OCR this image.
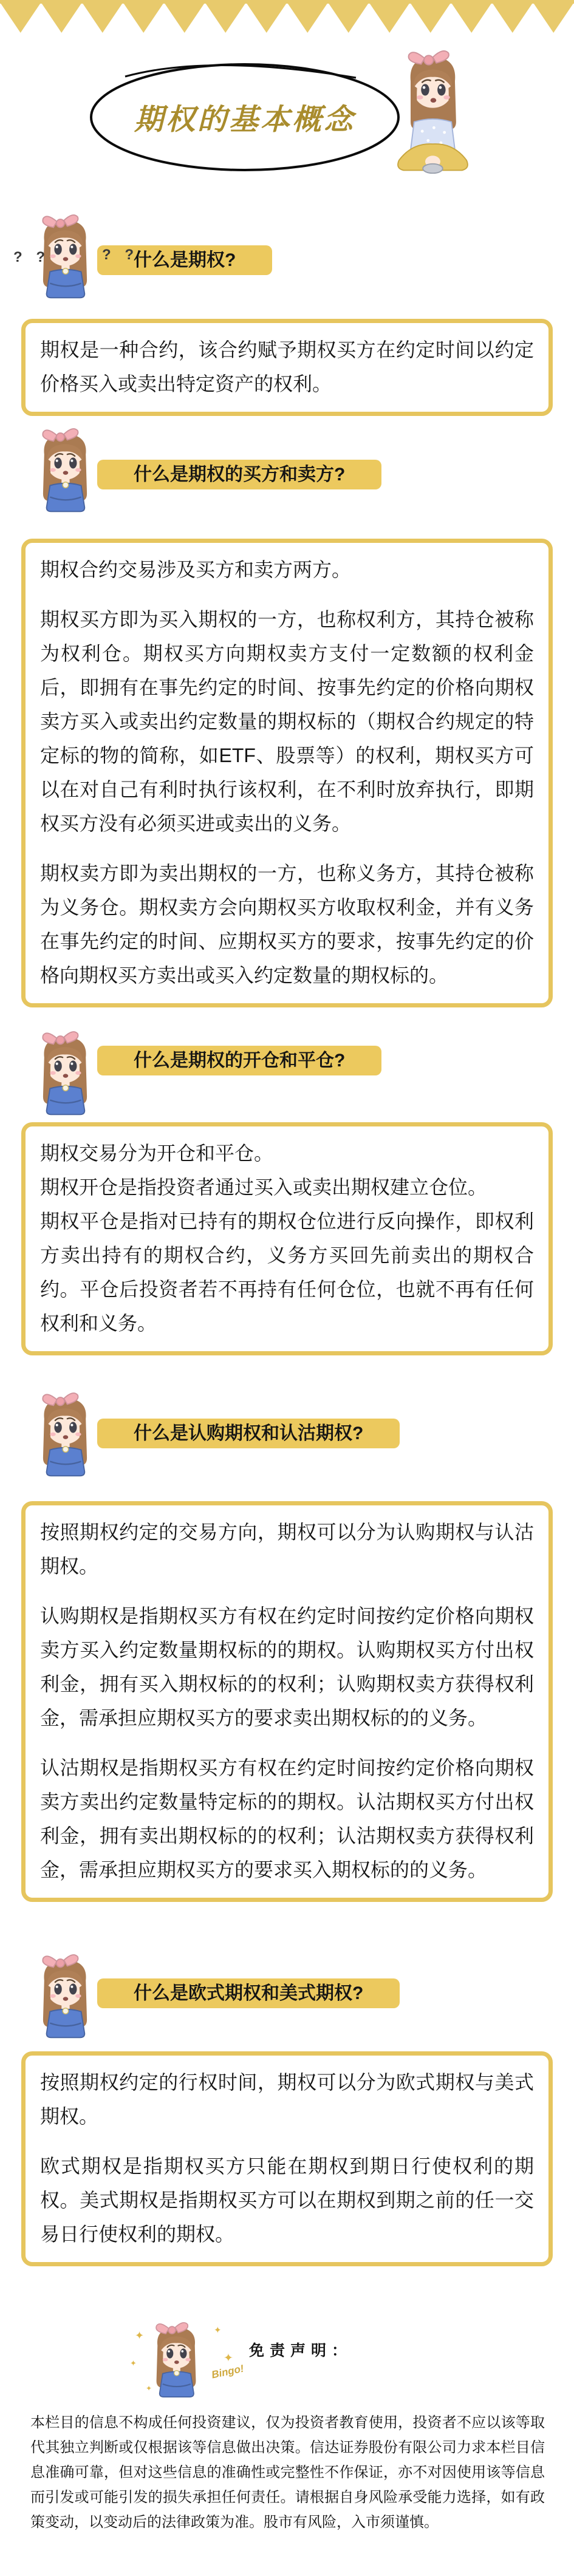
期权的基本概念
? ?	? ?
什么是期权?

期权是一种合约，该合约赋予期权买方在约定时间以约定价格买入或卖出特定资产的权利。

什么是期权的买方和卖方?

期权合约交易涉及买方和卖方两方。

期权买方即为买入期权的一方，也称权利方，其持仓被称为权利仓。期权买方向期权卖方支付一定数额的权利金后，即拥有在事先约定的时间、按事先约定的价格向期权卖方买入或卖出约定数量的期权标的（期权合约规定的特定标的物的简称，如ETF、股票等）的权利，期权买方可以在对自己有利时执行该权利，在不利时放弃执行，即期权买方没有必须买进或卖出的义务。

期权卖方即为卖出期权的一方，也称义务方，其持仓被称为义务仓。期权卖方会向期权买方收取权利金，并有义务在事先约定的时间、应期权买方的要求，按事先约定的价格向期权买方卖出或买入约定数量的期权标的。

什么是期权的开仓和平仓?

期权交易分为开仓和平仓。

期权开仓是指投资者通过买入或卖出期权建立仓位。

期权平仓是指对已持有的期权仓位进行反向操作，即权利方卖出持有的期权合约，义务方买回先前卖出的期权合约。平仓后投资者若不再持有任何仓位，也就不再有任何权利和义务。

什么是认购期权和认沽期权?

按照期权约定的交易方向，期权可以分为认购期权与认沽期权。

认购期权是指期权买方有权在约定时间按约定价格向期权卖方买入约定数量期权标的的期权。认购期权买方付出权利金，拥有买入期权标的的权利；认购期权卖方获得权利金，需承担应期权买方的要求卖出期权标的的义务。

认沽期权是指期权买方有权在约定时间按约定价格向期权卖方卖出约定数量特定标的的期权。认沽期权买方付出权利金，拥有卖出期权标的的权利；认沽期权卖方获得权利金，需承担应期权买方的要求买入期权标的的义务。

什么是欧式期权和美式期权?

按照期权约定的行权时间，期权可以分为欧式期权与美式期权。

欧式期权是指期权买方只能在期权到期日行使权利的期权。美式期权是指期权买方可以在期权到期之前的任一交易日行使权利的期权。

✦
✦
✦
✦
✦
Bingo!
免责声明：
本栏目的信息不构成任何投资建议，仅为投资者教育使用，投资者不应以该等取代其独立判断或仅根据该等信息做出决策。信达证券股份有限公司力求本栏目信息准确可靠，但对这些信息的准确性或完整性不作保证，亦不对因使用该等信息而引发或可能引发的损失承担任何责任。请根据自身风险承受能力选择，如有政策变动，以变动后的法律政策为准。股市有风险，入市须谨慎。
